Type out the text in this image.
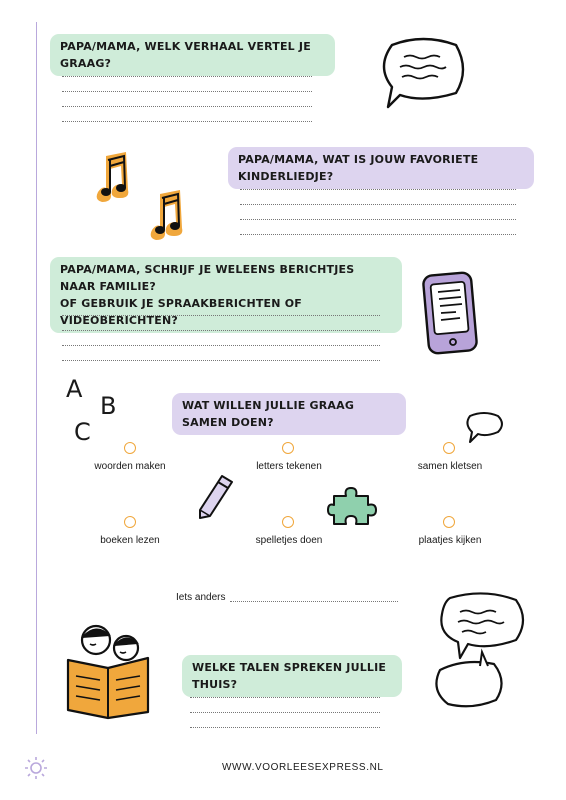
PAPA/MAMA, WELK VERHAAL VERTEL JE GRAAG?
PAPA/MAMA, WAT IS JOUW FAVORIETE KINDERLIEDJE?
PAPA/MAMA, SCHRIJF JE WELEENS BERICHTJES NAAR FAMILIE?
OF GEBRUIK JE SPRAAKBERICHTEN OF VIDEOBERICHTEN?
A
B
C
WAT WILLEN JULLIE GRAAG SAMEN DOEN?
woorden maken	letters tekenen	samen kletsen
boeken lezen	spelletjes doen	plaatjes kijken
Iets anders
WELKE TALEN SPREKEN JULLIE THUIS?
WWW.VOORLEESEXPRESS.NL
